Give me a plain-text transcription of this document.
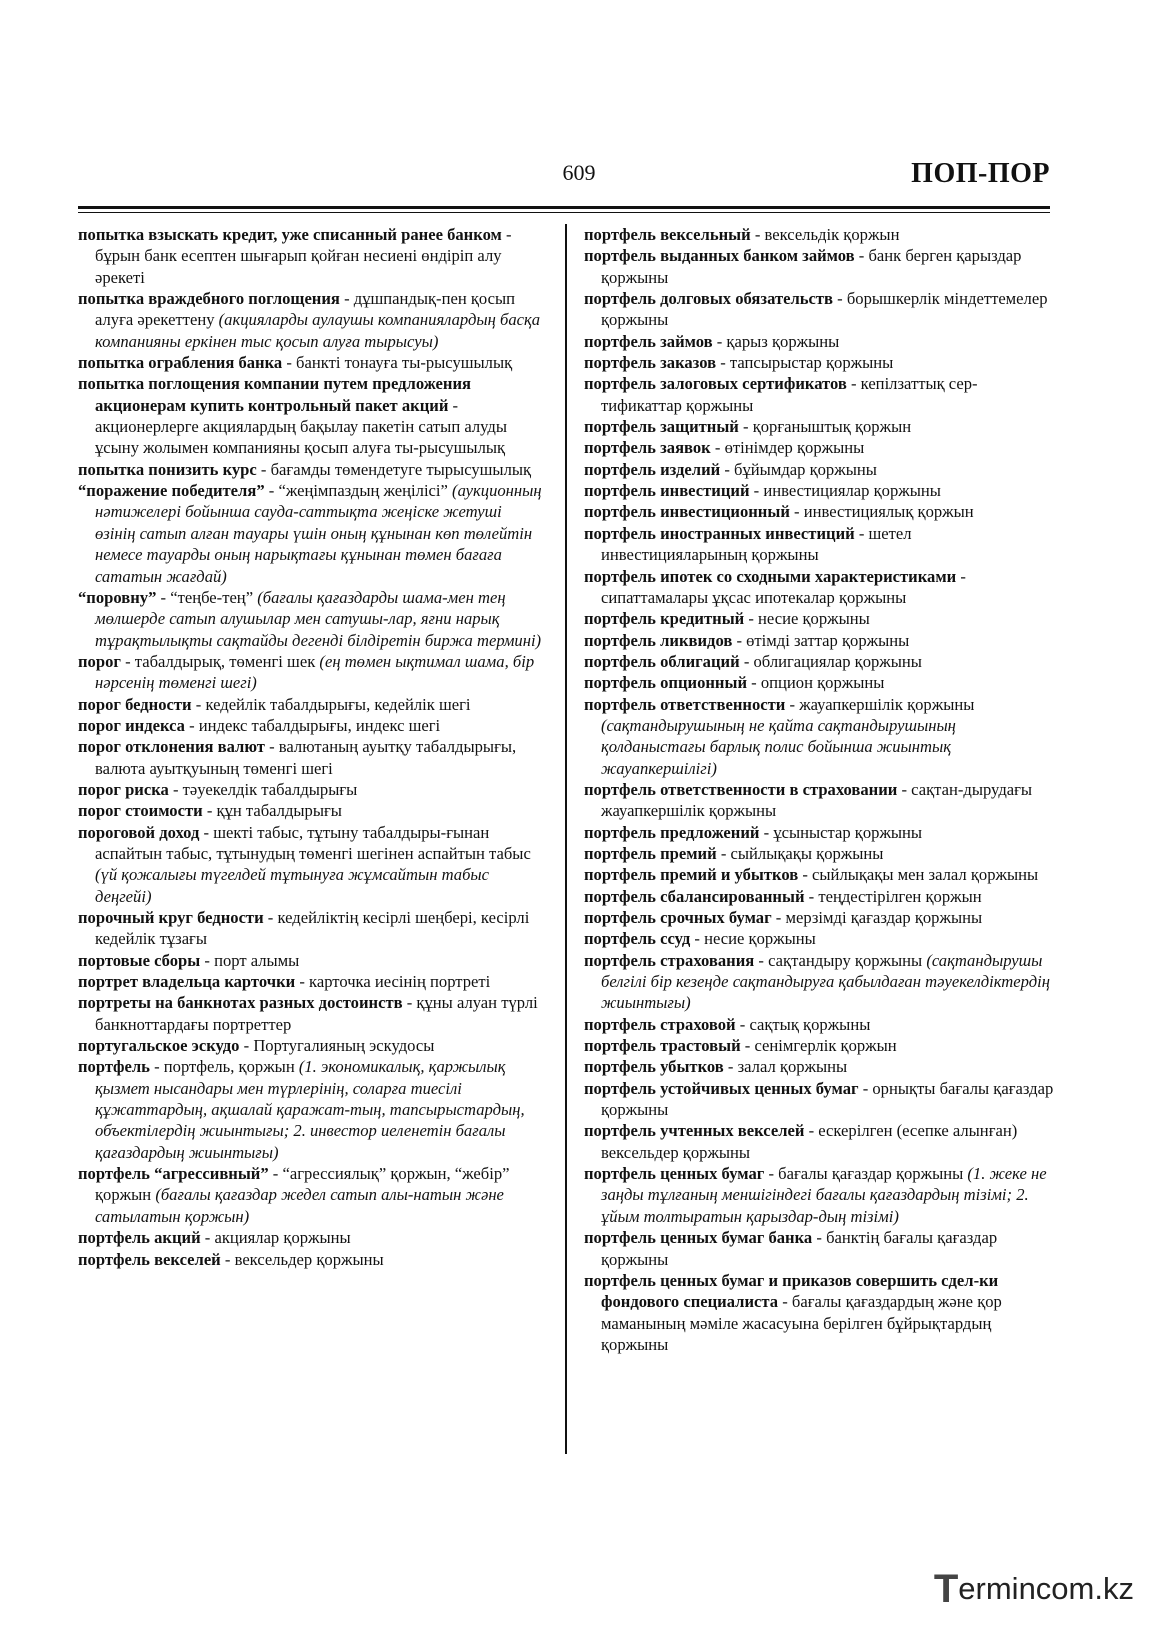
609	ПОП-ПОР

попытка взыскать кредит, уже списанный ранее банком - бұрын банк есептен шығарып қойған несиені өндіріп алу әрекеті

попытка враждебного поглощения - дұшпандық-пен қосып алуға әрекеттену (акцияларды аулаушы компаниялардың басқа компанияны еркінен тыс қосып алуға тырысуы)

попытка ограбления банка - банкті тонауға ты-рысушылық

попытка поглощения компании путем предложения акционерам купить контрольный пакет акций - акционерлерге акциялардың бақылау пакетін сатып алуды ұсыну жолымен компанияны қосып алуға ты-рысушылық

попытка понизить курс - бағамды төмендетуге тырысушылық

“поражение победителя” - “жеңімпаздың жеңілісі” (аукционның нәтижелері бойынша сауда-саттықта жеңіске жетуші өзінің сатып алған тауары үшін оның құнынан көп төлейтін немесе тауарды оның нарықтағы құнынан төмен бағаға сататын жағдай)

“поровну” - “теңбе-тең” (бағалы қағаздарды шама-мен тең мөлшерде сатып алушылар мен сатушы-лар, яғни нарық тұрақтылықты сақтайды дегенді білдіретін биржа термині)

порог - табалдырық, төменгі шек (ең төмен ықтимал шама, бір нәрсенің төменгі шегі)

порог бедности - кедейлік табалдырығы, кедейлік шегі

порог индекса - индекс табалдырығы, индекс шегі

порог отклонения валют - валютаның ауытқу табалдырығы, валюта ауытқуының төменгі шегі

порог риска - тәуекелдік табалдырығы

порог стоимости - құн табалдырығы

пороговой доход - шекті табыс, тұтыну табалдыры-ғынан аспайтын табыс, тұтынудың төменгі шегінен аспайтын табыс (үй қожалығы түгелдей тұтынуға жұмсайтын табыс деңгейі)

порочный круг бедности - кедейліктің кесірлі шеңбері, кесірлі кедейлік тұзағы

портовые сборы - порт алымы

портрет владельца карточки - карточка иесінің портреті

портреты на банкнотах разных достоинств - құны алуан түрлі банкноттардағы портреттер

португальское эскудо - Португалияның эскудосы

портфель - портфель, қоржын (1. экономикалық, қаржылық қызмет нысандары мен түрлерінің, соларға тиесілі құжаттардың, ақшалай қаражат-тың, тапсырыстардың, объектілердің жиынтығы; 2. инвестор иеленетін бағалы қағаздардың жиынтығы)

портфель “агрессивный” - “агрессиялық” қоржын, “жебір” қоржын (бағалы қағаздар жедел сатып алы-натын және сатылатын қоржын)

портфель акций - акциялар қоржыны

портфель векселей - вексельдер қоржыны

портфель вексельный - вексельдік қоржын

портфель выданных банком займов - банк берген қарыздар қоржыны

портфель долговых обязательств - борышкерлік міндеттемелер қоржыны

портфель займов - қарыз қоржыны

портфель заказов - тапсырыстар қоржыны

портфель залоговых сертификатов - кепілзаттық сер-тификаттар қоржыны

портфель защитный - қорғаныштық қоржын

портфель заявок - өтінімдер қоржыны

портфель изделий - бұйымдар қоржыны

портфель инвестиций - инвестициялар қоржыны

портфель инвестиционный - инвестициялық қоржын

портфель иностранных инвестиций - шетел инвестицияларының қоржыны

портфель ипотек со сходными характеристиками - сипаттамалары ұқсас ипотекалар қоржыны

портфель кредитный - несие қоржыны

портфель ликвидов - өтімді заттар қоржыны

портфель облигаций - облигациялар қоржыны

портфель опционный - опцион қоржыны

портфель ответственности - жауапкершілік қоржыны (сақтандырушының не қайта сақтандырушының қолданыстағы барлық полис бойынша жиынтық жауапкершілігі)

портфель ответственности в страховании - сақтан-дырудағы жауапкершілік қоржыны

портфель предложений - ұсыныстар қоржыны

портфель премий - сыйлықақы қоржыны

портфель премий и убытков - сыйлықақы мен залал қоржыны

портфель сбалансированный - теңдестірілген қоржын

портфель срочных бумаг - мерзімді қағаздар қоржыны

портфель ссуд - несие қоржыны

портфель страхования - сақтандыру қоржыны (сақтандырушы белгілі бір кезеңде сақтандыруға қабылдаған тәуекелдіктердің жиынтығы)

портфель страховой - сақтық қоржыны

портфель трастовый - сенімгерлік қоржын

портфель убытков - залал қоржыны

портфель устойчивых ценных бумаг - орнықты бағалы қағаздар қоржыны

портфель учтенных векселей - ескерілген (есепке алынған) вексельдер қоржыны

портфель ценных бумаг - бағалы қағаздар қоржыны (1. жеке не заңды тұлғаның меншігіндегі бағалы қағаздардың тізімі; 2. ұйым толтыратын қарыздар-дың тізімі)

портфель ценных бумаг банка - банктің бағалы қағаздар қоржыны

портфель ценных бумаг и приказов совершить сдел-ки фондового специалиста - бағалы қағаздардың және қор маманының мәміле жасасуына берілген бұйрықтардың қоржыны

T ermincom.kz
